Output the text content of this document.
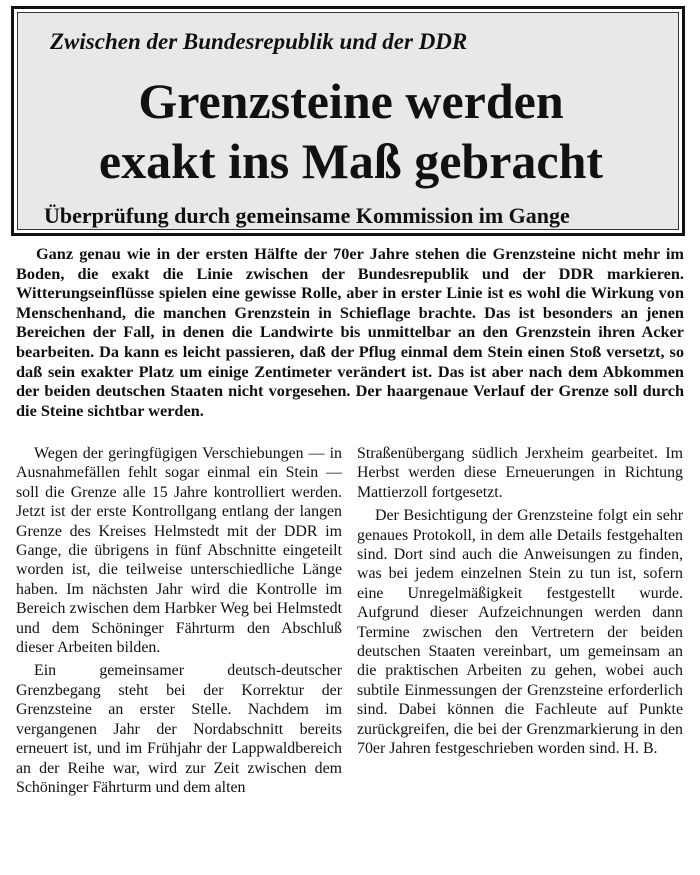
Zwischen der Bundesrepublik und der DDR
Grenzsteine werden
exakt ins Maß gebracht
Überprüfung durch gemeinsame Kommission im Gange

Ganz genau wie in der ersten Hälfte der 70er Jahre stehen die Grenzsteine nicht mehr im Boden, die exakt die Linie zwischen der Bundesrepublik und der DDR markieren. Witterungseinflüsse spielen eine gewisse Rolle, aber in erster Linie ist es wohl die Wirkung von Menschenhand, die manchen Grenzstein in Schieflage brachte. Das ist besonders an jenen Bereichen der Fall, in denen die Landwirte bis unmittelbar an den Grenzstein ihren Acker bearbeiten. Da kann es leicht passieren, daß der Pflug einmal dem Stein einen Stoß versetzt, so daß sein exakter Platz um einige Zentimeter verändert ist. Das ist aber nach dem Abkommen der beiden deutschen Staaten nicht vorgesehen. Der haargenaue Verlauf der Grenze soll durch die Steine sichtbar werden.

Wegen der geringfügigen Verschiebungen — in Ausnahmefällen fehlt sogar einmal ein Stein — soll die Grenze alle 15 Jahre kontrolliert werden. Jetzt ist der erste Kontrollgang entlang der langen Grenze des Kreises Helmstedt mit der DDR im Gange, die übrigens in fünf Abschnitte eingeteilt worden ist, die teilweise unterschiedliche Länge haben. Im nächsten Jahr wird die Kontrolle im Bereich zwischen dem Harbker Weg bei Helmstedt und dem Schöninger Fährturm den Abschluß dieser Arbeiten bilden.

Ein gemeinsamer deutsch-deutscher Grenzbegang steht bei der Korrektur der Grenzsteine an erster Stelle. Nachdem im vergangenen Jahr der Nordabschnitt bereits erneuert ist, und im Frühjahr der Lappwaldbereich an der Reihe war, wird zur Zeit zwischen dem Schöninger Fährturm und dem alten

Straßenübergang südlich Jerxheim gearbeitet. Im Herbst werden diese Erneuerungen in Richtung Mattierzoll fortgesetzt.

Der Besichtigung der Grenzsteine folgt ein sehr genaues Protokoll, in dem alle Details festgehalten sind. Dort sind auch die Anweisungen zu finden, was bei jedem einzelnen Stein zu tun ist, sofern eine Unregelmäßigkeit festgestellt wurde. Aufgrund dieser Aufzeichnungen werden dann Termine zwischen den Vertretern der beiden deutschen Staaten vereinbart, um gemeinsam an die praktischen Arbeiten zu gehen, wobei auch subtile Einmessungen der Grenzsteine erforderlich sind. Dabei können die Fachleute auf Punkte zurückgreifen, die bei der Grenzmarkierung in den 70er Jahren festgeschrieben worden sind. H. B.
